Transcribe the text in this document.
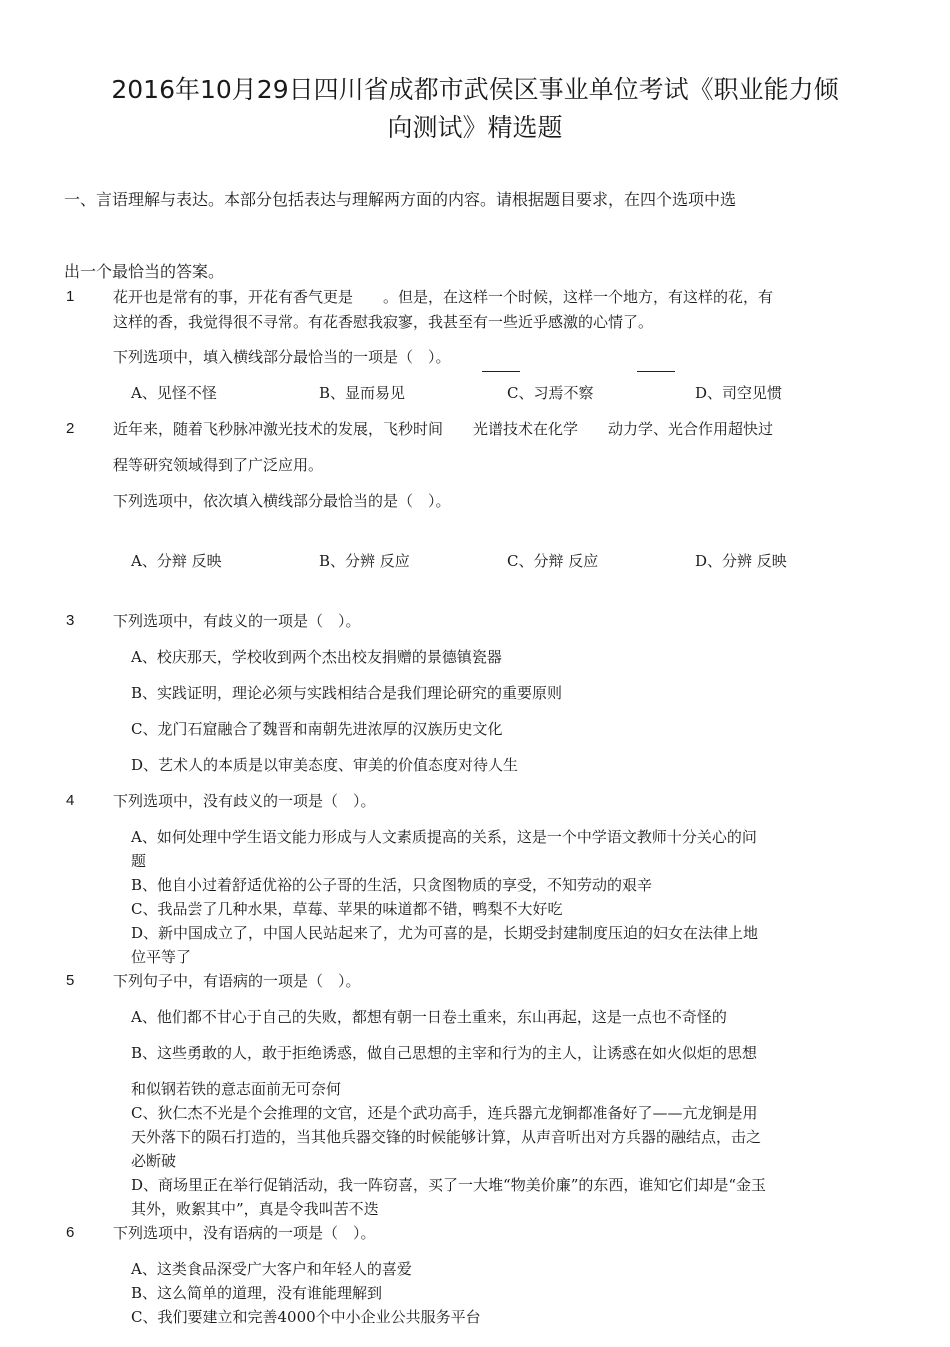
2016年10月29日四川省成都市武侯区事业单位考试《职业能力倾
向测试》精选题
一、言语理解与表达。本部分包括表达与理解两方面的内容。请根据题目要求，在四个选项中选
出一个最恰当的答案。
1	花开也是常有的事，开花有香气更是　　。但是，在这样一个时候，这样一个地方，有这样的花，有
这样的香，我觉得很不寻常。有花香慰我寂寥，我甚至有一些近乎感激的心情了。
下列选项中，填入横线部分最恰当的一项是（　）。
A、见怪不怪	B、显而易见	C、习焉不察	D、司空见惯
2	近年来，随着飞秒脉冲激光技术的发展，飞秒时间　　光谱技术在化学　　动力学、光合作用超快过
程等研究领域得到了广泛应用。
下列选项中，依次填入横线部分最恰当的是（　）。
A、分辩 反映	B、分辨 反应	C、分辩 反应	D、分辨 反映
3	下列选项中，有歧义的一项是（　）。
A、校庆那天，学校收到两个杰出校友捐赠的景德镇瓷器
B、实践证明，理论必须与实践相结合是我们理论研究的重要原则
C、龙门石窟融合了魏晋和南朝先进浓厚的汉族历史文化
D、艺术人的本质是以审美态度、审美的价值态度对待人生
4	下列选项中，没有歧义的一项是（　）。
A、如何处理中学生语文能力形成与人文素质提高的关系，这是一个中学语文教师十分关心的问
题
B、他自小过着舒适优裕的公子哥的生活，只贪图物质的享受，不知劳动的艰辛
C、我品尝了几种水果，草莓、苹果的味道都不错，鸭梨不大好吃
D、新中国成立了，中国人民站起来了，尤为可喜的是，长期受封建制度压迫的妇女在法律上地
位平等了
5	下列句子中，有语病的一项是（　）。
A、他们都不甘心于自己的失败，都想有朝一日卷土重来，东山再起，这是一点也不奇怪的
B、这些勇敢的人，敢于拒绝诱惑，做自己思想的主宰和行为的主人，让诱惑在如火似炬的思想
和似钢若铁的意志面前无可奈何
C、狄仁杰不光是个会推理的文官，还是个武功高手，连兵器亢龙锏都准备好了——亢龙锏是用
天外落下的陨石打造的，当其他兵器交锋的时候能够计算，从声音听出对方兵器的融结点，击之
必断破
D、商场里正在举行促销活动，我一阵窃喜，买了一大堆“物美价廉”的东西，谁知它们却是“金玉
其外，败絮其中”，真是令我叫苦不迭
6	下列选项中，没有语病的一项是（　）。
A、这类食品深受广大客户和年轻人的喜爱
B、这么简单的道理，没有谁能理解到
C、我们要建立和完善4000个中小企业公共服务平台
